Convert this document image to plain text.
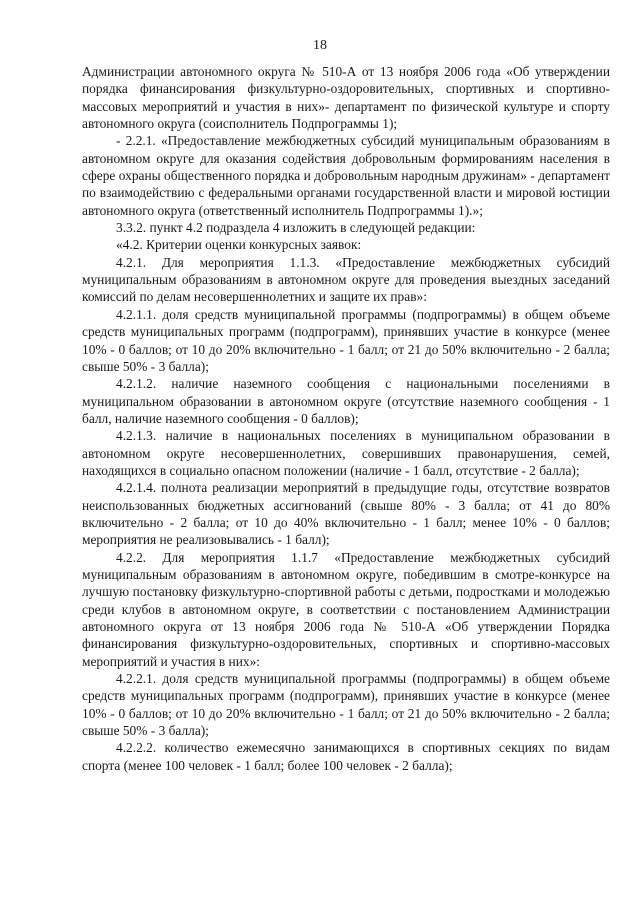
18

Администрации автономного округа № 510-А от 13 ноября 2006 года «Об утверждении порядка финансирования физкультурно-оздоровительных, спортивных и спортивно-массовых мероприятий и участия в них»- департамент по физической культуре и спорту автономного округа (соисполнитель Подпрограммы 1);

- 2.2.1. «Предоставление межбюджетных субсидий муниципальным образованиям в автономном округе для оказания содействия добровольным формированиям населения в сфере охраны общественного порядка и добровольным народным дружинам» - департамент по взаимодействию с федеральными органами государственной власти и мировой юстиции автономного округа (ответственный исполнитель Подпрограммы 1).»;

3.3.2. пункт 4.2 подраздела 4 изложить в следующей редакции:

«4.2. Критерии оценки конкурсных заявок:

4.2.1. Для мероприятия 1.1.3. «Предоставление межбюджетных субсидий муниципальным образованиям в автономном округе для проведения выездных заседаний комиссий по делам несовершеннолетних и защите их прав»:

4.2.1.1. доля средств муниципальной программы (подпрограммы) в общем объеме средств муниципальных программ (подпрограмм), принявших участие в конкурсе (менее 10% - 0 баллов; от 10 до 20% включительно - 1 балл; от 21 до 50% включительно - 2 балла; свыше 50% - 3 балла);

4.2.1.2. наличие наземного сообщения с национальными поселениями в муниципальном образовании в автономном округе (отсутствие наземного сообщения - 1 балл, наличие наземного сообщения - 0 баллов);

4.2.1.3. наличие в национальных поселениях в муниципальном образовании в автономном округе несовершеннолетних, совершивших правонарушения, семей, находящихся в социально опасном положении (наличие - 1 балл, отсутствие - 2 балла);

4.2.1.4. полнота реализации мероприятий в предыдущие годы, отсутствие возвратов неиспользованных бюджетных ассигнований (свыше 80% - 3 балла; от 41 до 80% включительно - 2 балла; от 10 до 40% включительно - 1 балл; менее 10% - 0 баллов; мероприятия не реализовывались - 1 балл);

4.2.2. Для мероприятия 1.1.7 «Предоставление межбюджетных субсидий муниципальным образованиям в автономном округе, победившим в смотре-конкурсе на лучшую постановку физкультурно-спортивной работы с детьми, подростками и молодежью среди клубов в автономном округе, в соответствии с постановлением Администрации автономного округа от 13 ноября 2006 года № 510-А «Об утверждении Порядка финансирования физкультурно-оздоровительных, спортивных и спортивно-массовых мероприятий и участия в них»:

4.2.2.1. доля средств муниципальной программы (подпрограммы) в общем объеме средств муниципальных программ (подпрограмм), принявших участие в конкурсе (менее 10% - 0 баллов; от 10 до 20% включительно - 1 балл; от 21 до 50% включительно - 2 балла; свыше 50% - 3 балла);

4.2.2.2. количество ежемесячно занимающихся в спортивных секциях по видам спорта (менее 100 человек - 1 балл; более 100 человек - 2 балла);
